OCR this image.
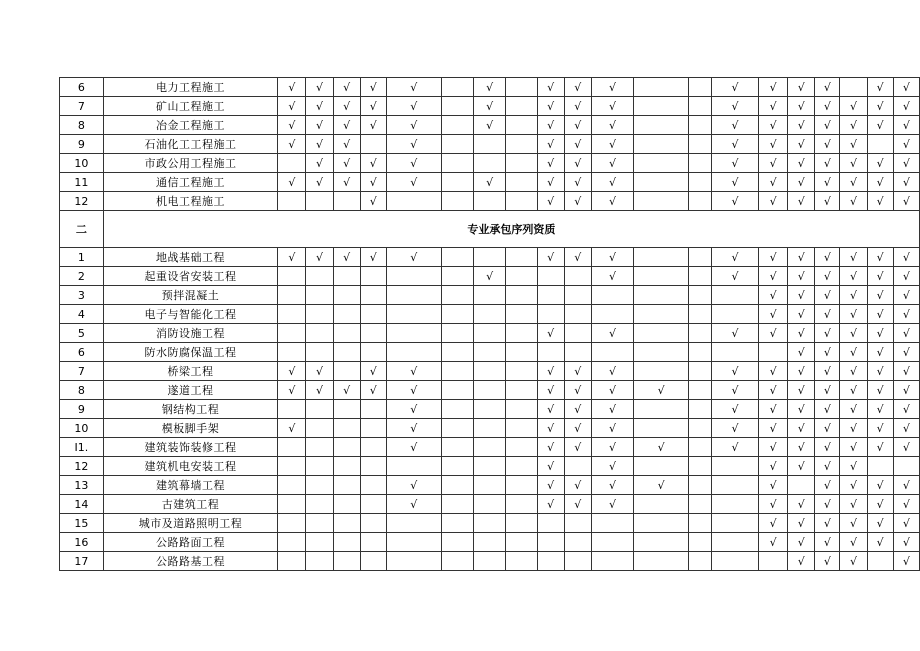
6	电力工程施工	√	√	√	√	√		√		√	√	√			√	√	√	√		√	√
7	矿山工程施工	√	√	√	√	√		√		√	√	√			√	√	√	√	√	√	√
8	冶金工程施工	√	√	√	√	√		√		√	√	√			√	√	√	√	√	√	√
9	石油化工工程施工	√	√	√		√				√	√	√			√	√	√	√	√		√
10	市政公用工程施工		√	√	√	√				√	√	√			√	√	√	√	√	√	√
11	通信工程施工	√	√	√	√	√		√		√	√	√			√	√	√	√	√	√	√
12	机电工程施工				√					√	√	√			√	√	√	√	√	√	√
二	专业承包序列资质																				
1	地战基础工程	√	√	√	√	√				√	√	√			√	√	√	√	√	√	√
2	起重设省安装工程							√				√			√	√	√	√	√	√	√
3	预拌混凝土															√	√	√	√	√	√
4	电子与智能化工程															√	√	√	√	√	√
5	消防设施工程									√		√			√	√	√	√	√	√	√
6	防水防腐保温工程																√	√	√	√	√
7	桥梁工程	√	√		√	√				√	√	√			√	√	√	√	√	√	√
8	遂道工程	√	√	√	√	√				√	√	√	√		√	√	√	√	√	√	√
9	钢结构工程					√				√	√	√			√	√	√	√	√	√	√
10	模板脚手架	√				√				√	√	√			√	√	√	√	√	√	√
I1.	建筑装饰装修工程					√				√	√	√	√		√	√	√	√	√	√	√
12	建筑机电安装工程									√		√				√	√	√	√		
13	建筑幕墙工程					√				√	√	√	√			√		√	√	√	√
14	古建筑工程					√				√	√	√				√	√	√	√	√	√
15	城市及道路照明工程															√	√	√	√	√	√
16	公路路面工程															√	√	√	√	√	√
17	公路路基工程																√	√	√		√
